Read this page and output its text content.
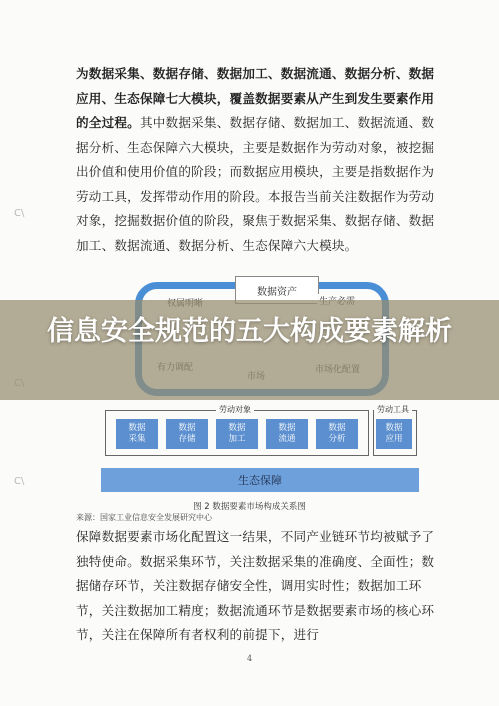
C\
C\
为数据采集、数据存储、数据加工、数据流通、数据分析、数据应用、生态保障七大模块，覆盖数据要素从产生到发生要素作用的全过程。其中数据采集、数据存储、数据加工、数据流通、数据分析、生态保障六大模块，主要是数据作为劳动对象，被挖掘出价值和使用价值的阶段；而数据应用模块，主要是指数据作为劳动工具，发挥带动作用的阶段。本报告当前关注数据作为劳动对象，挖掘数据价值的阶段，聚焦于数据采集、数据存储、数据加工、数据流通、数据分析、生态保障六大模块。
数据资产
劳动对象
数据采集
数据存储
数据加工
数据流通
数据分析
劳动工具
数据应用
生态保障
图 2 数据要素市场构成关系图
来源：国家工业信息安全发展研究中心
保障数据要素市场化配置这一结果，不同产业链环节均被赋予了独特使命。数据采集环节，关注数据采集的准确度、全面性；数据储存环节，关注数据存储安全性，调用实时性；数据加工环节，关注数据加工精度；数据流通环节是数据要素市场的核心环节，关注在保障所有者权利的前提下，进行
4
信息安全规范的五大构成要素解析
